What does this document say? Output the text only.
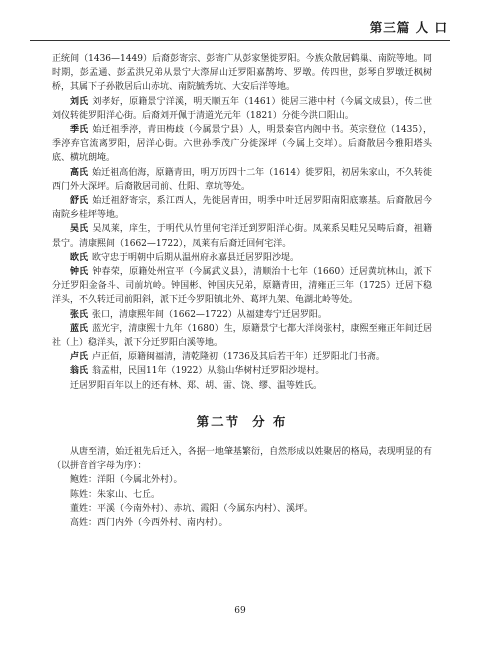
第三篇 人 口

正统间（1436—1449）后裔彭寄宗、彭寄广从彭家堡徙罗阳。今族众散居鹤巢、南院等地。同时期，彭孟通、彭孟洪兄弟从景宁大漈屏山迁罗阳嘉鹊垮、罗墩。传四世，彭琴自罗墩迁枫树桥，其属下子孙散居后山赤坑、南院毓秀坑、大安后洋等地。

刘氏 刘孝好，原籍景宁洋溪，明天顺五年（1461）徙居三港中村（今属文成县），传二世刘仪转徙罗阳洋心街。后裔刘开佩于清道光元年（1821）分徙今洪口阳山。

季氏 始迁祖季渟，青田梅歧（今属景宁县）人，明景泰官内阁中书。英宗登位（1435），季渟弃官流离罗阳，居洋心街。六世孙季茂广分徙深坪（今属上交垟）。后裔散居今雅阳塔头底、横坑朗埯。

高氏 始迁祖高伯海，原籍青田，明万历四十二年（1614）徙罗阳，初居朱家山，不久转徙西门外大深坪。后裔散居司前、仕阳、章坑等处。

舒氏 始迁祖舒寄宗，系江西人，先徙居青田，明季中叶迁居罗阳南阳底寨基。后裔散居今南院乡桂坪等地。

吴氏 吴凤莱，庠生，于明代从竹里何宅洋迁到罗阳洋心街。凤莱系吴畦兄吴畴后裔，祖籍景宁。清康熙间（1662—1722），凤莱有后裔迁回何宅洋。

欧氏 欧守忠于明朝中后期从温州府永嘉县迁居罗阳沙堤。

钟氏 钟春荣，原籍处州宣平（今属武义县），清顺治十七年（1660）迁居黄坑林山，派下分迁罗阳金备斗、司前坑岭。钟国彬、钟国庆兄弟，原籍青田，清雍正三年（1725）迁居下稳洋头，不久转迁司前阳斜，派下迁今罗阳镇北外、葛坪九架、龟湖北岭等处。

张氏 张口，清康熙年间（1662—1722）从福建寿宁迁居罗阳。

蓝氏 蓝光宇，清康熙十九年（1680）生，原籍景宁七都大洋岗张村，康熙至雍正年间迁居社（上）稳洋头，派下分迁罗阳白溪等地。

卢氏 卢正佰，原籍闽福清，清乾隆初（1736及其后若干年）迁罗阳北门书斋。

翁氏 翁孟柑，民国11年（1922）从翁山华树村迁罗阳沙堤村。

迁居罗阳百年以上的还有林、郑、胡、雷、饶、缪、温等姓氏。

第二节 分 布

从唐至清，始迁祖先后迁入，各据一地肇基繁衍，自然形成以姓聚居的格局，表现明显的有（以拼音首字母为序）：

鲍姓：洋阳（今属北外村）。

陈姓：朱家山、七丘。

董姓：平溪（今南外村）、赤坑、霞阳（今属东内村）、溪坪。

高姓：西门内外（今西外村、南内村）。

69
